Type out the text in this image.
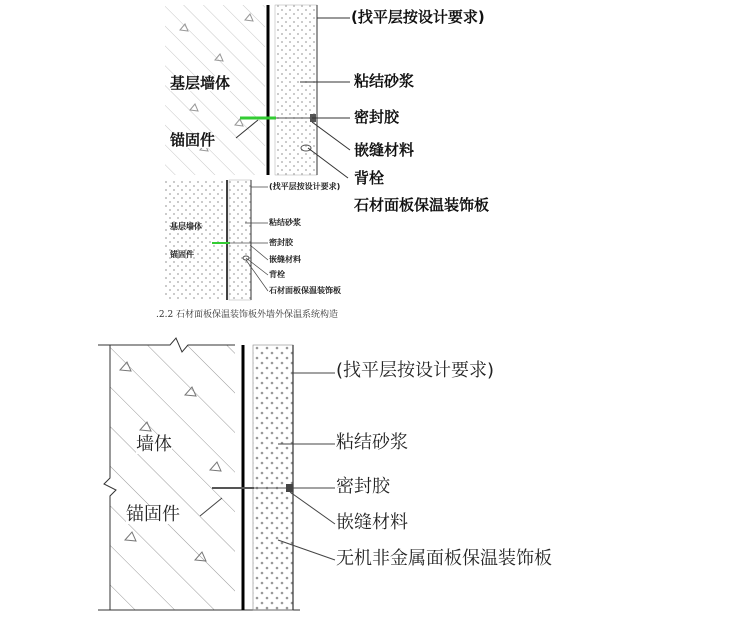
(找平层按设计要求)
粘结砂浆
密封胶
嵌缝材料
背栓
石材面板保温装饰板
基层墙体
锚固件
(找平层按设计要求)
粘结砂浆
密封胶
嵌缝材料
背栓
石材面板保温装饰板
基层墙体
锚固件
.2.2 石材面板保温装饰板外墙外保温系统构造
(找平层按设计要求)
粘结砂浆
密封胶
嵌缝材料
无机非金属面板保温装饰板
墙体
锚固件
